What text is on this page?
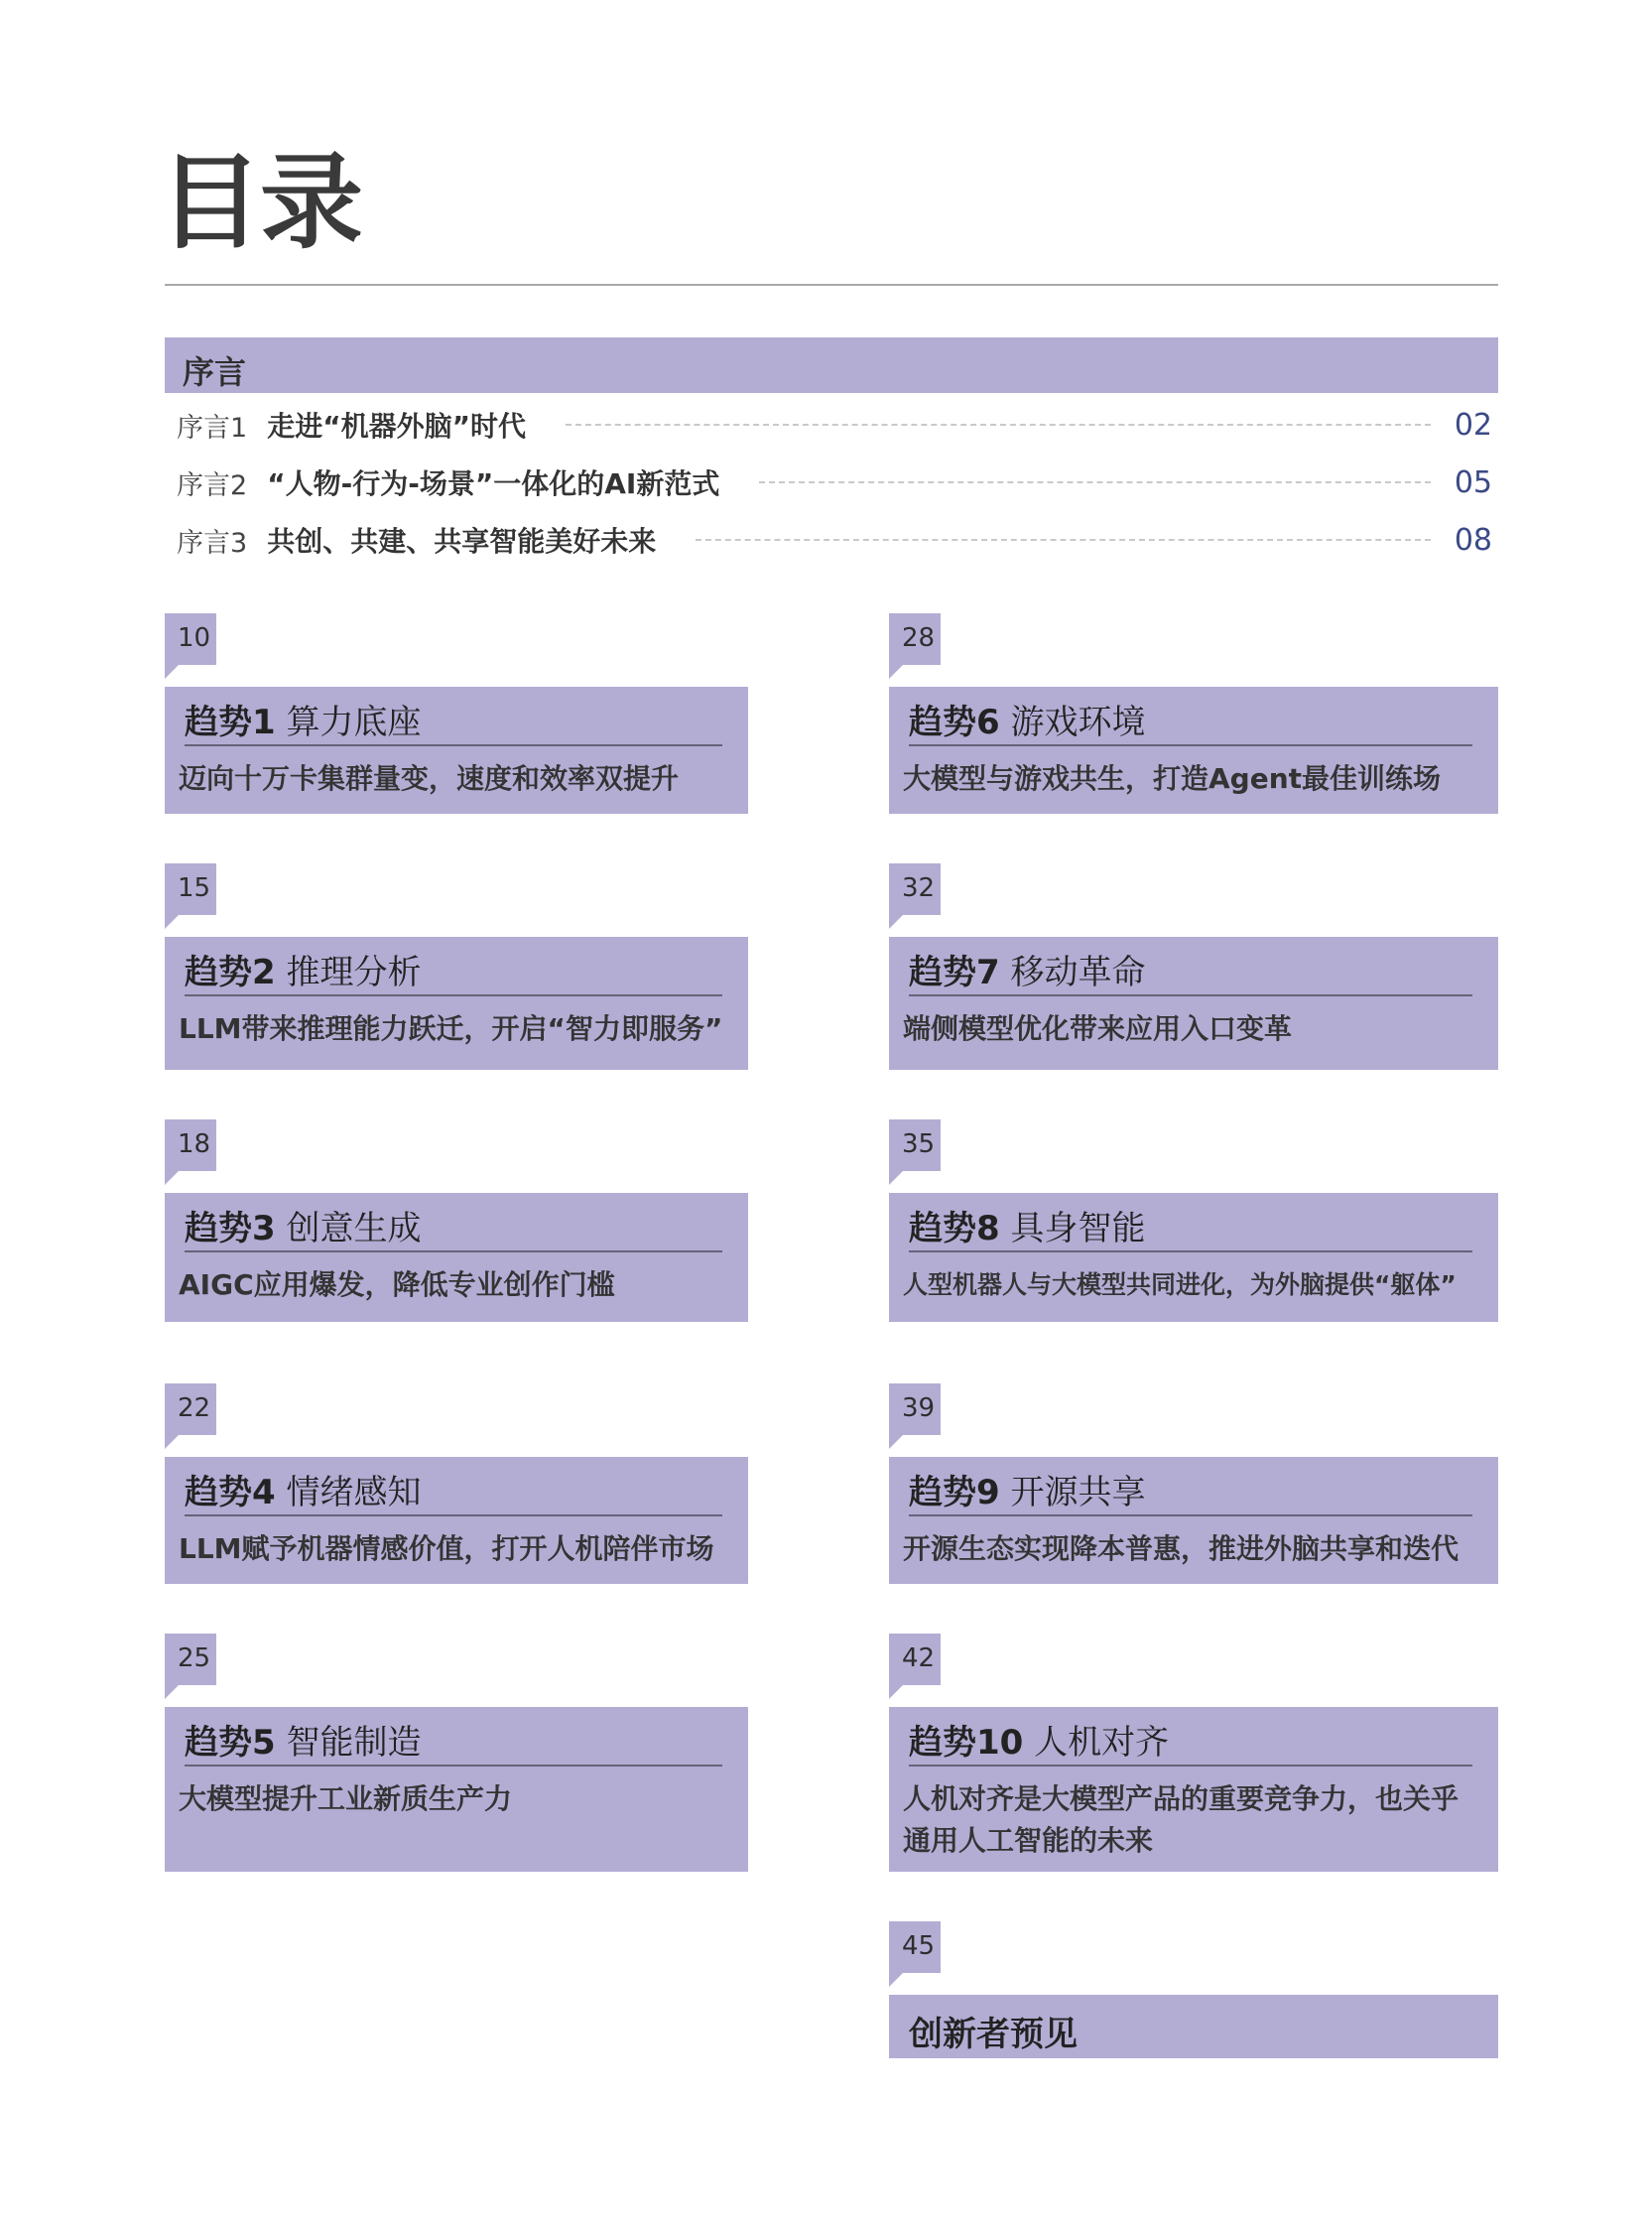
CONTENTS
目录
序言
序言1 走进“机器外脑”时代	02
序言2 “人物-行为-场景”一体化的AI新范式	05
序言3 共创、共建、共享智能美好未来	08
10
趋势1 算力底座
迈向十万卡集群量变，速度和效率双提升
15
趋势2 推理分析
LLM带来推理能力跃迁，开启“智力即服务”
18
趋势3 创意生成
AIGC应用爆发，降低专业创作门槛
22
趋势4 情绪感知
LLM赋予机器情感价值，打开人机陪伴市场
25
趋势5 智能制造
大模型提升工业新质生产力
28
趋势6 游戏环境
大模型与游戏共生，打造Agent最佳训练场
32
趋势7 移动革命
端侧模型优化带来应用入口变革
35
趋势8 具身智能
人型机器人与大模型共同进化，为外脑提供“躯体”
39
趋势9 开源共享
开源生态实现降本普惠，推进外脑共享和迭代
42
趋势10 人机对齐
人机对齐是大模型产品的重要竞争力，也关乎通用人工智能的未来
45
创新者预见
